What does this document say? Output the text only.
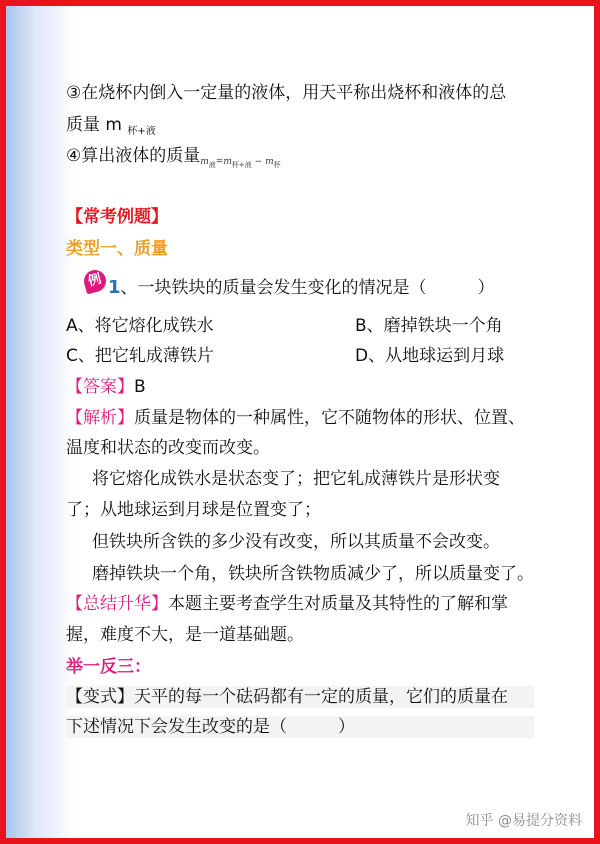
③在烧杯内倒入一定量的液体，用天平称出烧杯和液体的总
质量 m $_{杯+液}$
④算出液体的质量$m_液=m_{杯+液} - m_杯$
【常考例题】
类型一、质量
例 1、一块铁块的质量会发生变化的情况是（　　　）
A、将它熔化成铁水	B、磨掉铁块一个角
C、把它轧成薄铁片	D、从地球运到月球
【答案】B
【解析】质量是物体的一种属性，它不随物体的形状、位置、
温度和状态的改变而改变。
将它熔化成铁水是状态变了；把它轧成薄铁片是形状变
了；从地球运到月球是位置变了；
但铁块所含铁的多少没有改变，所以其质量不会改变。
磨掉铁块一个角，铁块所含铁物质减少了，所以质量变了。
【总结升华】本题主要考查学生对质量及其特性的了解和掌
握，难度不大，是一道基础题。
举一反三：
【变式】天平的每一个砝码都有一定的质量，它们的质量在
下述情况下会发生改变的是（　　　）
知乎 @易提分资料
